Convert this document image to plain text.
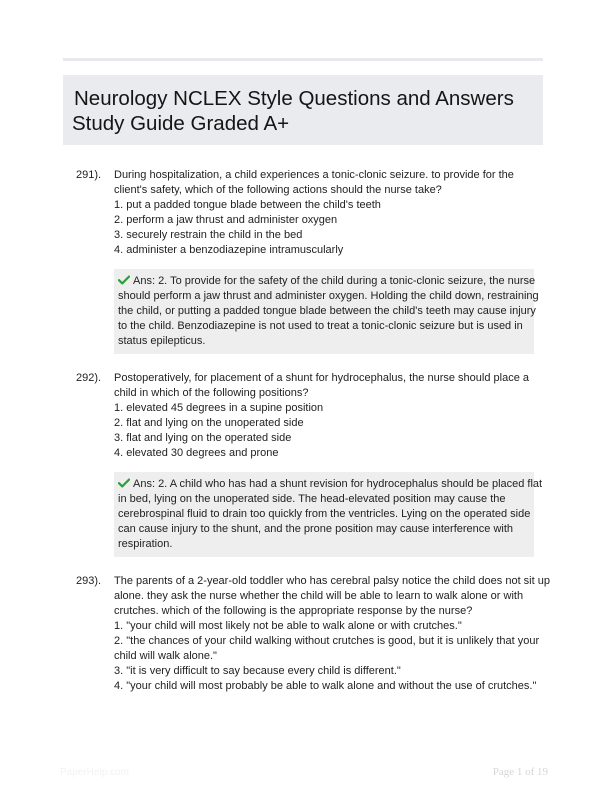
Neurology NCLEX Style Questions and Answers
Study Guide Graded A+
291). During hospitalization, a child experiences a tonic-clonic seizure. to provide for the
client's safety, which of the following actions should the nurse take?
1. put a padded tongue blade between the child's teeth
2. perform a jaw thrust and administer oxygen
3. securely restrain the child in the bed
4. administer a benzodiazepine intramuscularly
Ans: 2. To provide for the safety of the child during a tonic-clonic seizure, the nurse
should perform a jaw thrust and administer oxygen. Holding the child down, restraining
the child, or putting a padded tongue blade between the child's teeth may cause injury
to the child. Benzodiazepine is not used to treat a tonic-clonic seizure but is used in
status epilepticus.
292). Postoperatively, for placement of a shunt for hydrocephalus, the nurse should place a
child in which of the following positions?
1. elevated 45 degrees in a supine position
2. flat and lying on the unoperated side
3. flat and lying on the operated side
4. elevated 30 degrees and prone
Ans: 2. A child who has had a shunt revision for hydrocephalus should be placed flat
in bed, lying on the unoperated side. The head-elevated position may cause the
cerebrospinal fluid to drain too quickly from the ventricles. Lying on the operated side
can cause injury to the shunt, and the prone position may cause interference with
respiration.
293). The parents of a 2-year-old toddler who has cerebral palsy notice the child does not sit up
alone. they ask the nurse whether the child will be able to learn to walk alone or with
crutches. which of the following is the appropriate response by the nurse?
1. "your child will most likely not be able to walk alone or with crutches."
2. "the chances of your child walking without crutches is good, but it is unlikely that your
child will walk alone."
3. "it is very difficult to say because every child is different."
4. "your child will most probably be able to walk alone and without the use of crutches."
PaperHelp.com	Page 1 of 19
